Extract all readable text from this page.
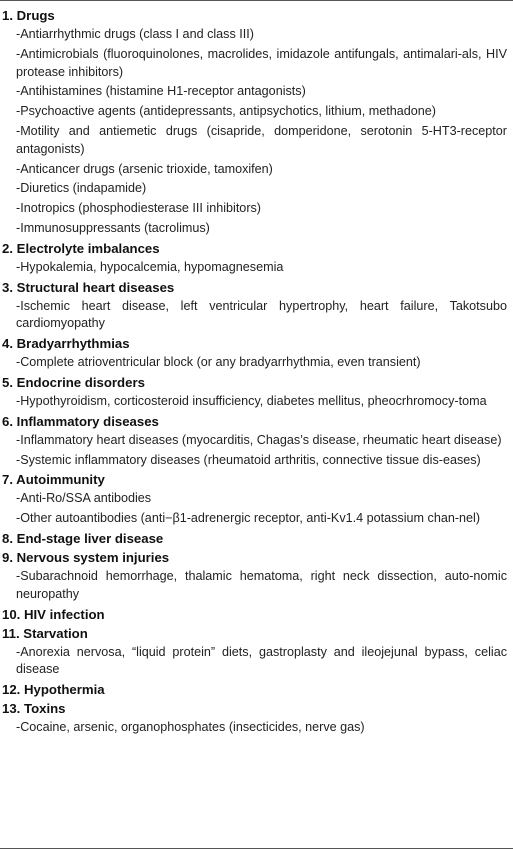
1. Drugs
-Antiarrhythmic drugs (class I and class III)
-Antimicrobials (fluoroquinolones, macrolides, imidazole antifungals, antimalari-als, HIV protease inhibitors)
-Antihistamines (histamine H1-receptor antagonists)
-Psychoactive agents (antidepressants, antipsychotics, lithium, methadone)
-Motility and antiemetic drugs (cisapride, domperidone, serotonin 5-HT3-receptor antagonists)
-Anticancer drugs (arsenic trioxide, tamoxifen)
-Diuretics (indapamide)
-Inotropics (phosphodiesterase III inhibitors)
-Immunosuppressants (tacrolimus)
2. Electrolyte imbalances
-Hypokalemia, hypocalcemia, hypomagnesemia
3. Structural heart diseases
-Ischemic heart disease, left ventricular hypertrophy, heart failure, Takotsubo cardiomyopathy
4. Bradyarrhythmias
-Complete atrioventricular block (or any bradyarrhythmia, even transient)
5. Endocrine disorders
-Hypothyroidism, corticosteroid insufficiency, diabetes mellitus, pheocrhromocy-toma
6. Inflammatory diseases
-Inflammatory heart diseases (myocarditis, Chagas’s disease, rheumatic heart disease)
-Systemic inflammatory diseases (rheumatoid arthritis, connective tissue dis-eases)
7. Autoimmunity
-Anti-Ro/SSA antibodies
-Other autoantibodies (anti−β1-adrenergic receptor, anti-Kv1.4 potassium chan-nel)
8. End-stage liver disease
9. Nervous system injuries
-Subarachnoid hemorrhage, thalamic hematoma, right neck dissection, auto-nomic neuropathy
10. HIV infection
11. Starvation
-Anorexia nervosa, “liquid protein” diets, gastroplasty and ileojejunal bypass, celiac disease
12. Hypothermia
13. Toxins
-Cocaine, arsenic, organophosphates (insecticides, nerve gas)
